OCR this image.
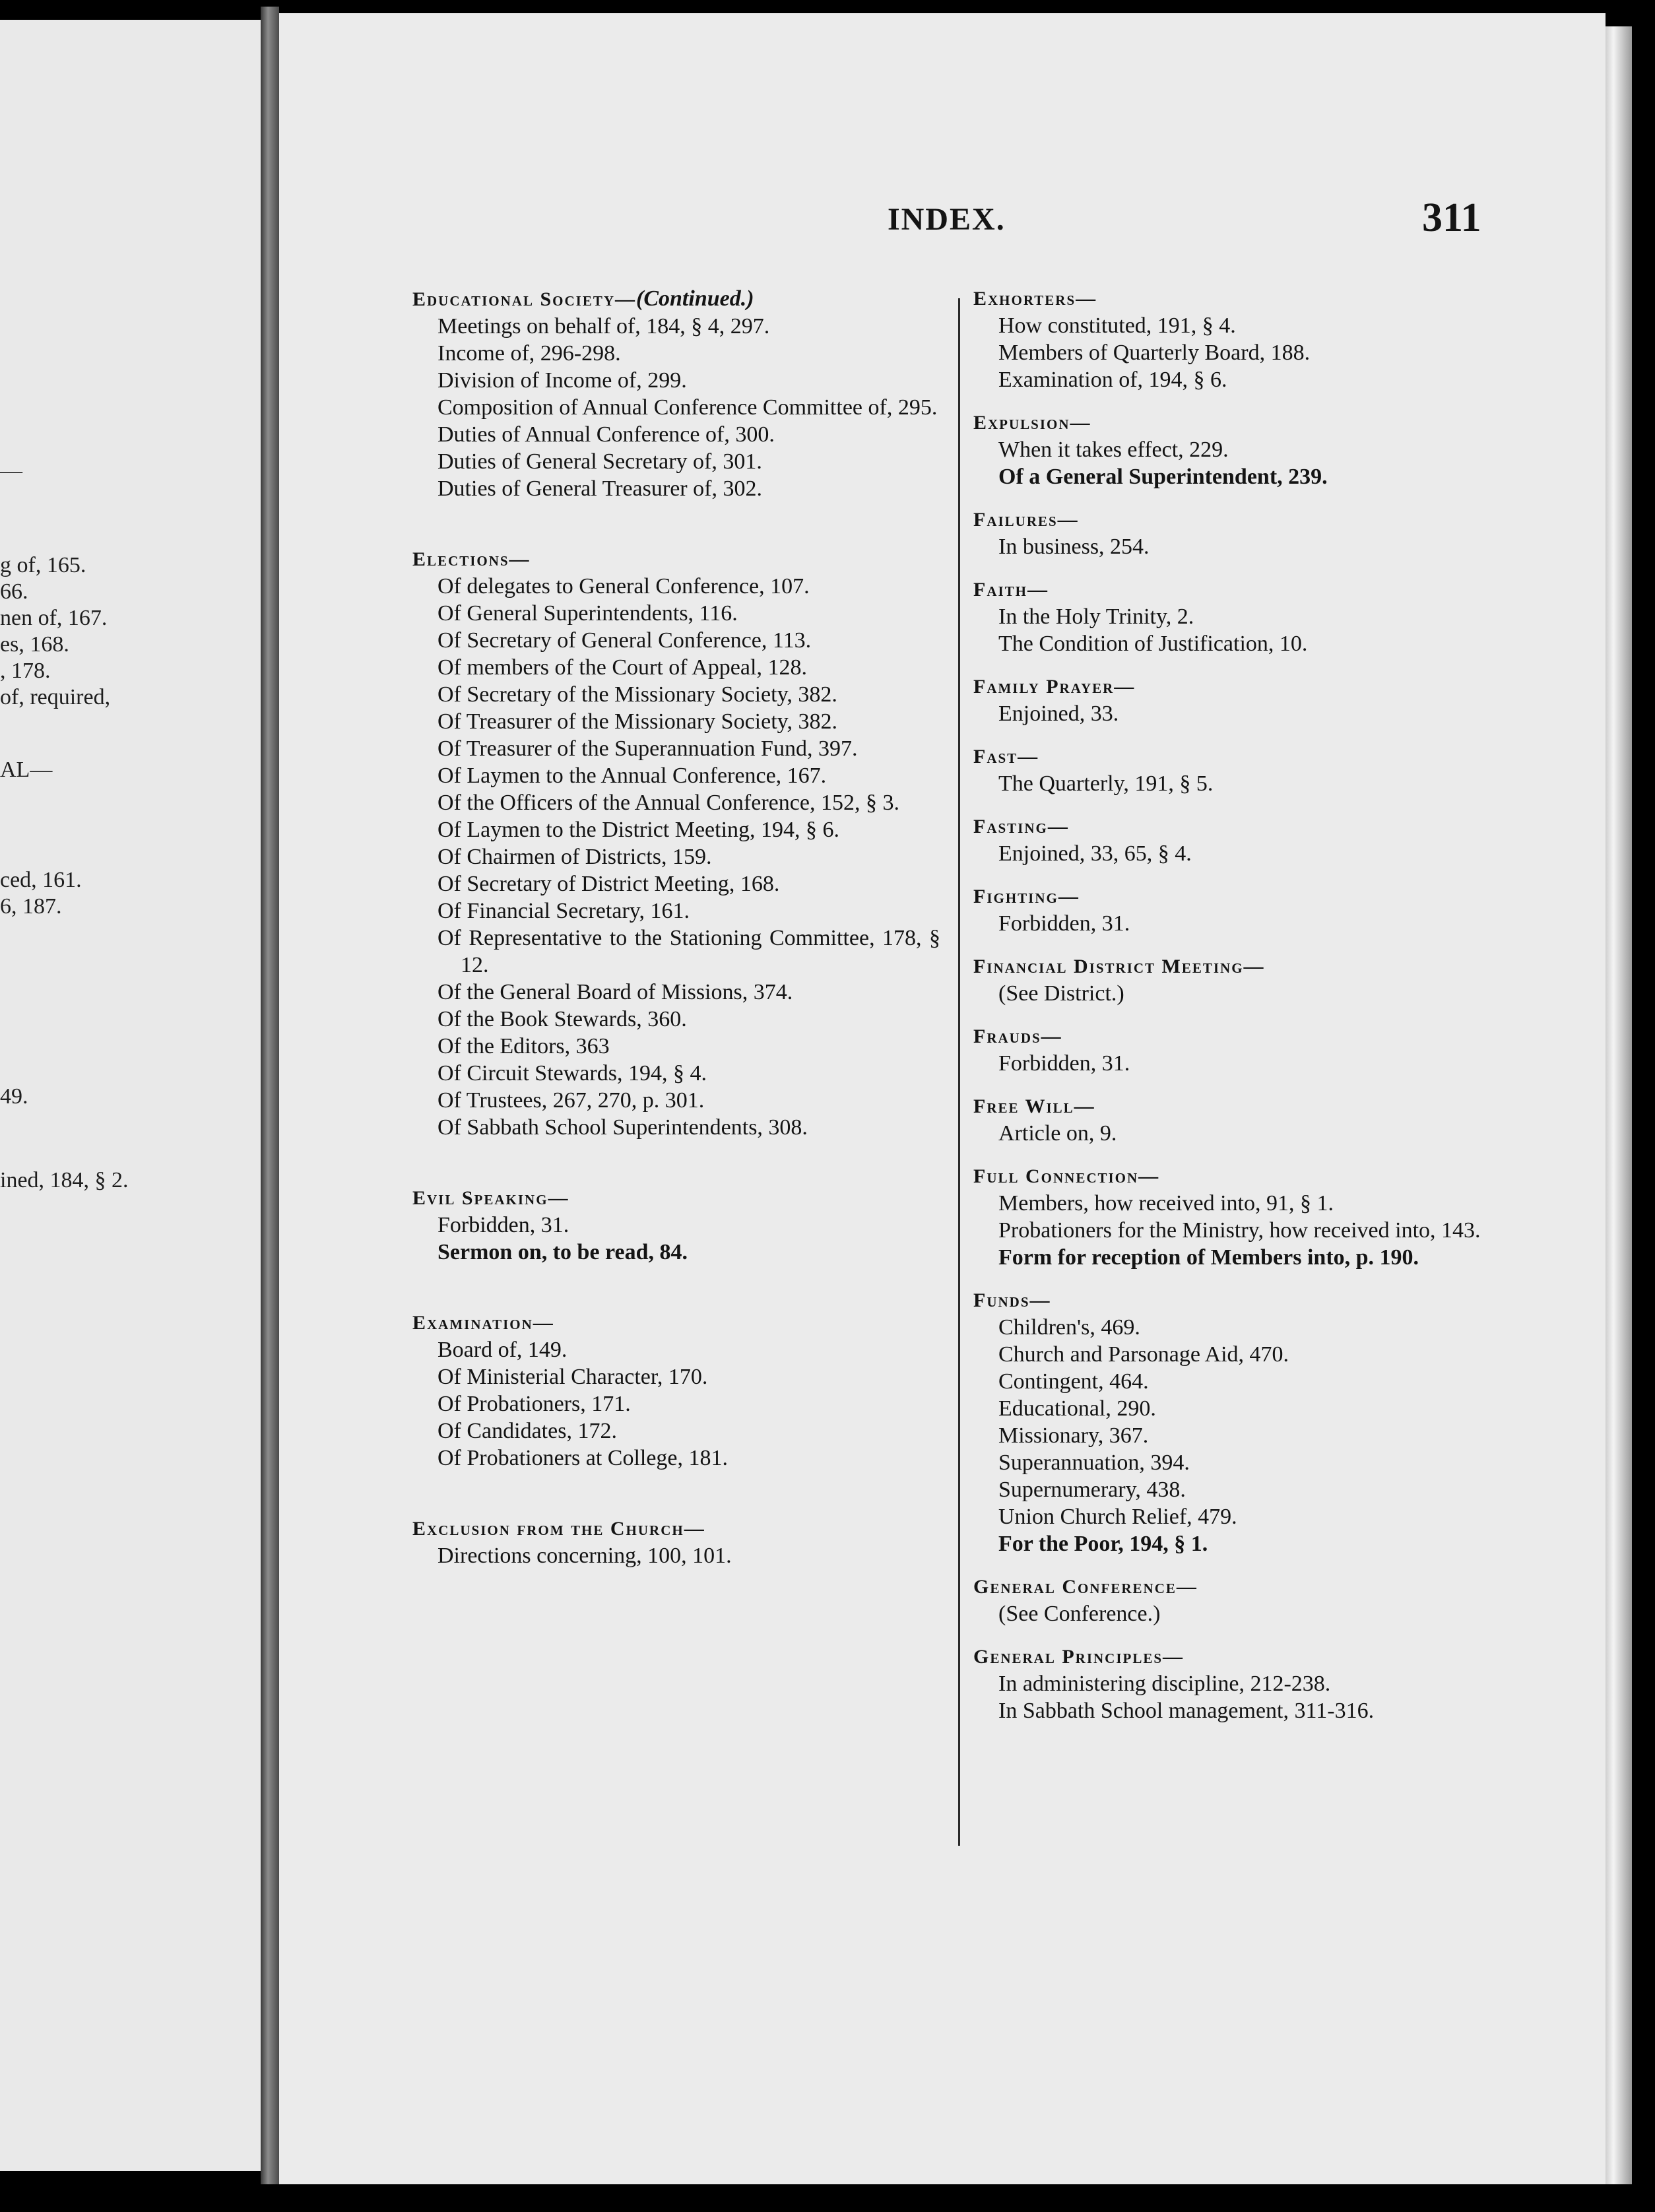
—
g of, 165.
66.
nen of, 167.
es, 168.
, 178.
of, required,
AL—
ced, 161.
6, 187.
49.
ined, 184, § 2.
INDEX.	311
Educational Society—(Continued.)
Meetings on behalf of, 184, § 4, 297.
Income of, 296-298.
Division of Income of, 299.
Composition of Annual Conference Committee of, 295.
Duties of Annual Conference of, 300.
Duties of General Secretary of, 301.
Duties of General Treasurer of, 302.
Elections—
Of delegates to General Conference, 107.
Of General Superintendents, 116.
Of Secretary of General Conference, 113.
Of members of the Court of Appeal, 128.
Of Secretary of the Missionary Society, 382.
Of Treasurer of the Missionary Society, 382.
Of Treasurer of the Superannuation Fund, 397.
Of Laymen to the Annual Conference, 167.
Of the Officers of the Annual Conference, 152, § 3.
Of Laymen to the District Meeting, 194, § 6.
Of Chairmen of Districts, 159.
Of Secretary of District Meeting, 168.
Of Financial Secretary, 161.
Of Representative to the Stationing Committee, 178, § 12.
Of the General Board of Missions, 374.
Of the Book Stewards, 360.
Of the Editors, 363
Of Circuit Stewards, 194, § 4.
Of Trustees, 267, 270, p. 301.
Of Sabbath School Superintendents, 308.
Evil Speaking—
Forbidden, 31.
Sermon on, to be read, 84.
Examination—
Board of, 149.
Of Ministerial Character, 170.
Of Probationers, 171.
Of Candidates, 172.
Of Probationers at College, 181.
Exclusion from the Church—
Directions concerning, 100, 101.
Exhorters—
How constituted, 191, § 4.
Members of Quarterly Board, 188.
Examination of, 194, § 6.
Expulsion—
When it takes effect, 229.
Of a General Superintendent, 239.
Failures—
In business, 254.
Faith—
In the Holy Trinity, 2.
The Condition of Justification, 10.
Family Prayer—
Enjoined, 33.
Fast—
The Quarterly, 191, § 5.
Fasting—
Enjoined, 33, 65, § 4.
Fighting—
Forbidden, 31.
Financial District Meeting—
(See District.)
Frauds—
Forbidden, 31.
Free Will—
Article on, 9.
Full Connection—
Members, how received into, 91, § 1.
Probationers for the Ministry, how received into, 143.
Form for reception of Members into, p. 190.
Funds—
Children's, 469.
Church and Parsonage Aid, 470.
Contingent, 464.
Educational, 290.
Missionary, 367.
Superannuation, 394.
Supernumerary, 438.
Union Church Relief, 479.
For the Poor, 194, § 1.
General Conference—
(See Conference.)
General Principles—
In administering discipline, 212-238.
In Sabbath School management, 311-316.
